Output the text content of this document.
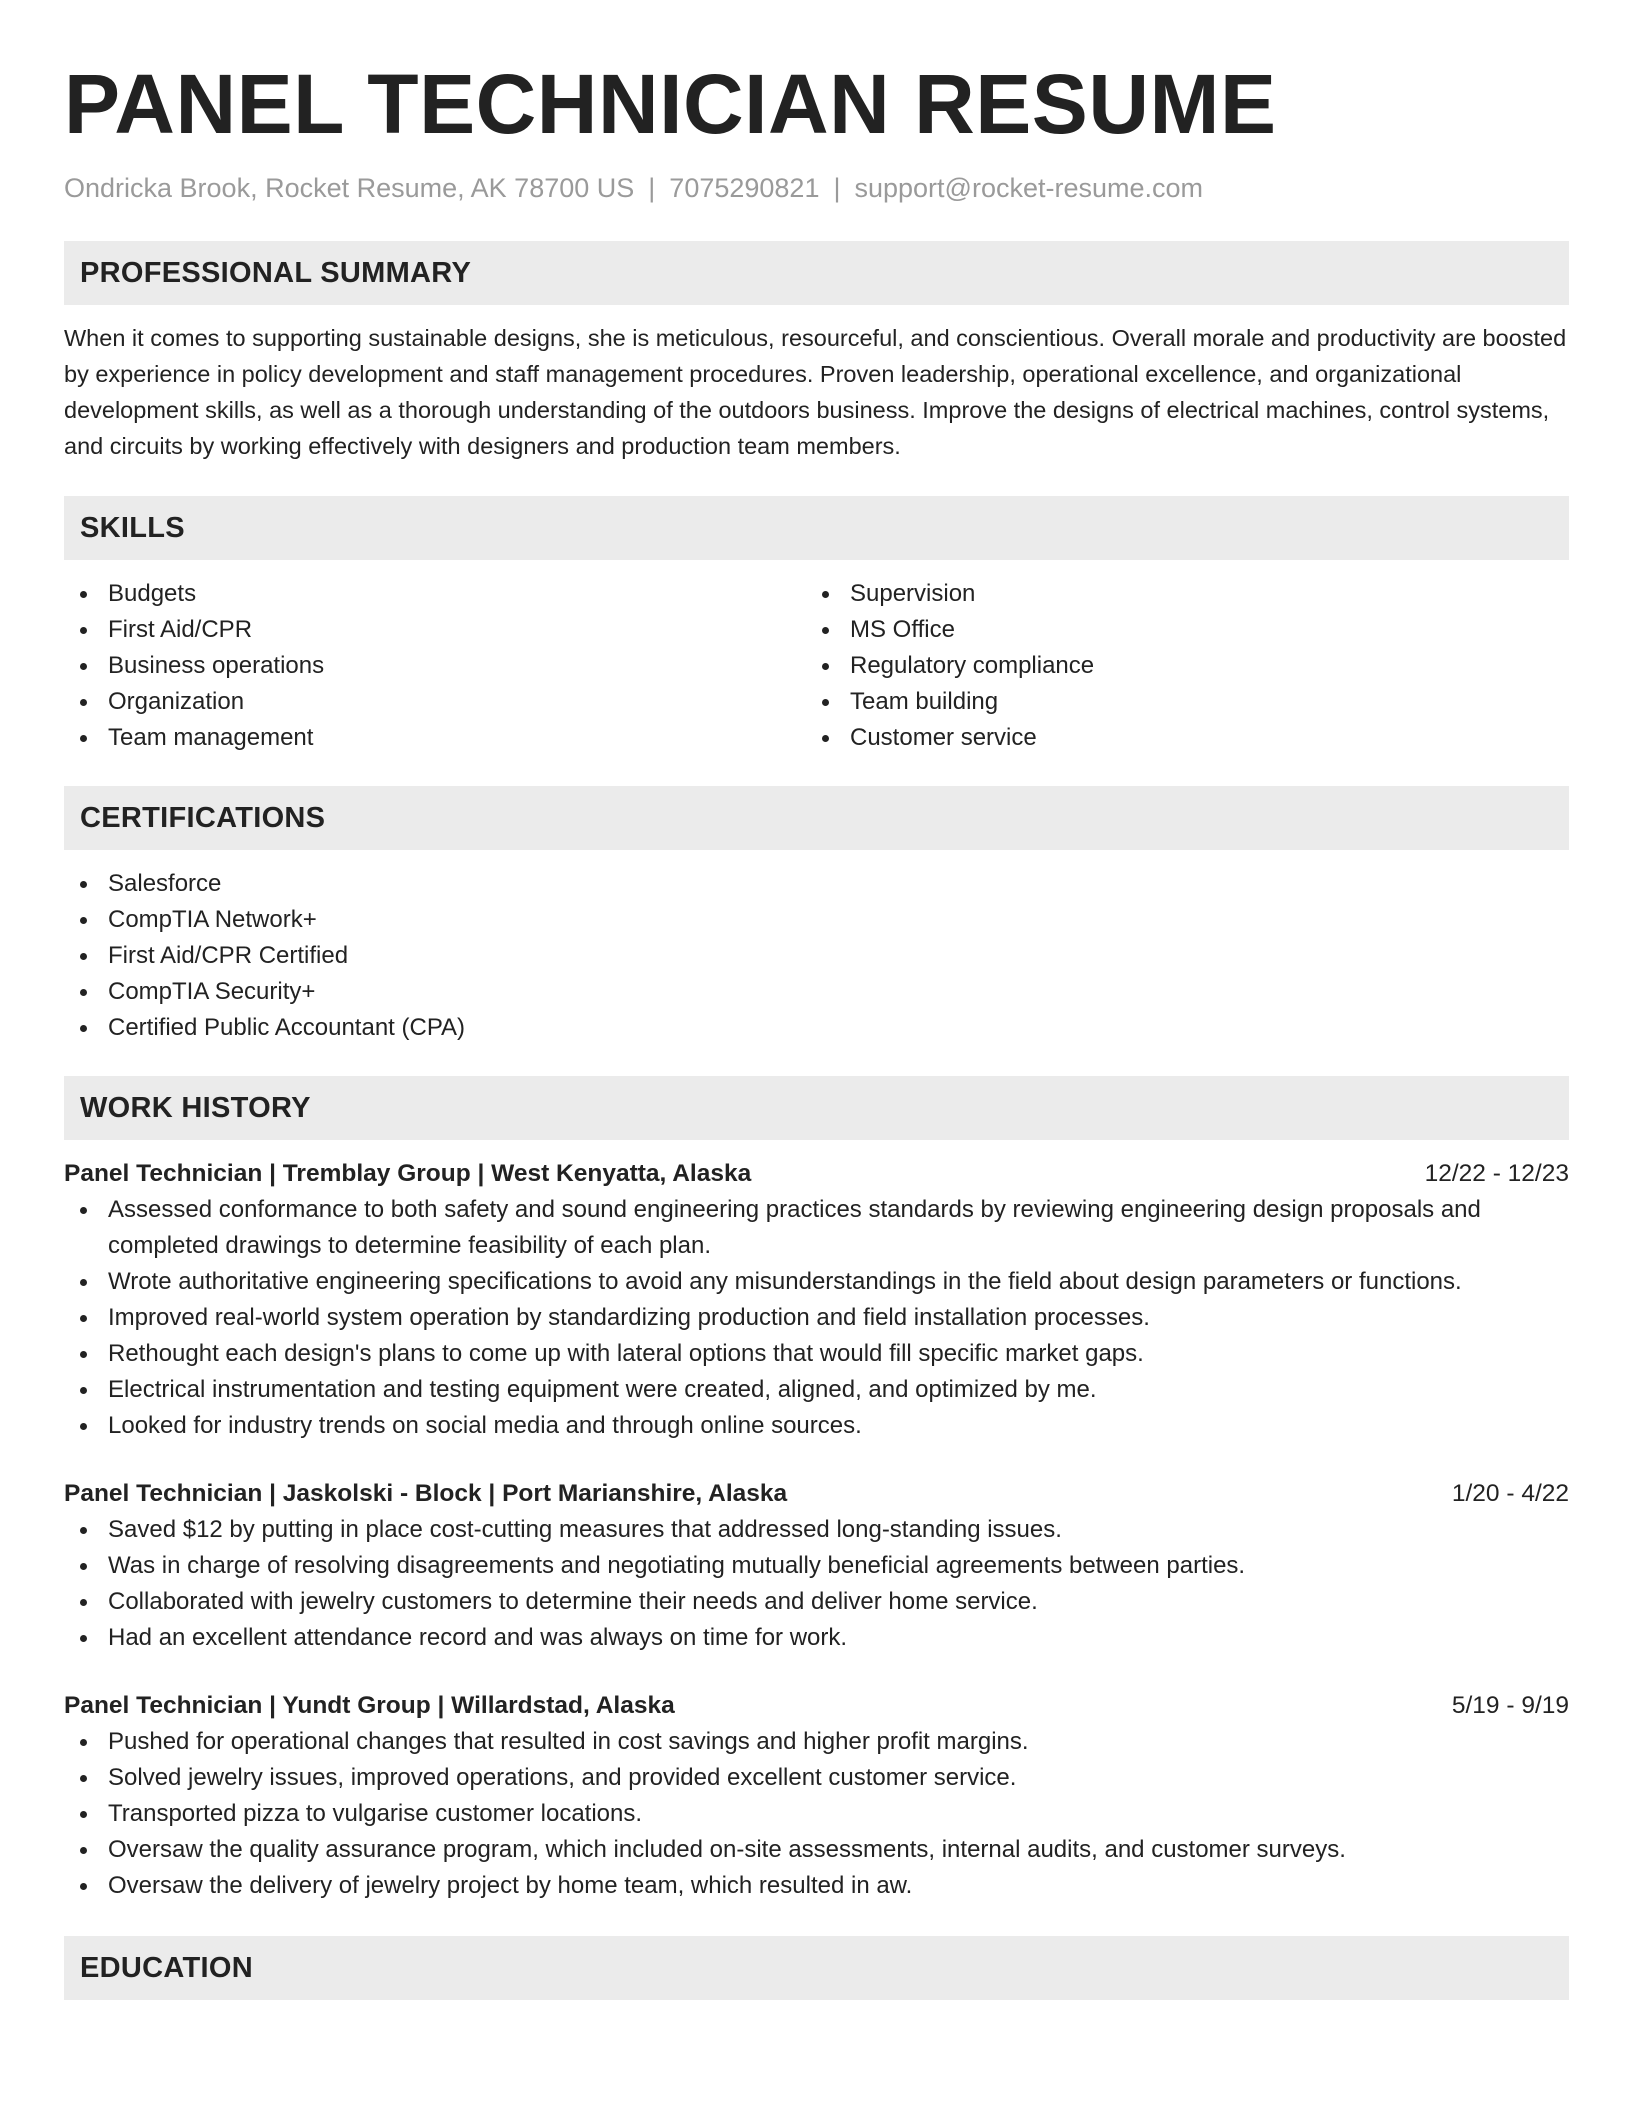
PANEL TECHNICIAN RESUME
Ondricka Brook, Rocket Resume, AK 78700 US | 7075290821 | support@rocket-resume.com
PROFESSIONAL SUMMARY

When it comes to supporting sustainable designs, she is meticulous, resourceful, and conscientious. Overall morale and productivity are boosted by experience in policy development and staff management procedures. Proven leadership, operational excellence, and organizational development skills, as well as a thorough understanding of the outdoors business. Improve the designs of electrical machines, control systems, and circuits by working effectively with designers and production team members.

SKILLS
Budgets
First Aid/CPR
Business operations
Organization
Team management
Supervision
MS Office
Regulatory compliance
Team building
Customer service
CERTIFICATIONS
Salesforce
CompTIA Network+
First Aid/CPR Certified
CompTIA Security+
Certified Public Accountant (CPA)
WORK HISTORY
Panel Technician | Tremblay Group | West Kenyatta, Alaska	12/22 - 12/23
Assessed conformance to both safety and sound engineering practices standards by reviewing engineering design proposals and completed drawings to determine feasibility of each plan.
Wrote authoritative engineering specifications to avoid any misunderstandings in the field about design parameters or functions.
Improved real-world system operation by standardizing production and field installation processes.
Rethought each design's plans to come up with lateral options that would fill specific market gaps.
Electrical instrumentation and testing equipment were created, aligned, and optimized by me.
Looked for industry trends on social media and through online sources.
Panel Technician | Jaskolski - Block | Port Marianshire, Alaska	1/20 - 4/22
Saved $12 by putting in place cost-cutting measures that addressed long-standing issues.
Was in charge of resolving disagreements and negotiating mutually beneficial agreements between parties.
Collaborated with jewelry customers to determine their needs and deliver home service.
Had an excellent attendance record and was always on time for work.
Panel Technician | Yundt Group | Willardstad, Alaska	5/19 - 9/19
Pushed for operational changes that resulted in cost savings and higher profit margins.
Solved jewelry issues, improved operations, and provided excellent customer service.
Transported pizza to vulgarise customer locations.
Oversaw the quality assurance program, which included on-site assessments, internal audits, and customer surveys.
Oversaw the delivery of jewelry project by home team, which resulted in aw.
EDUCATION
